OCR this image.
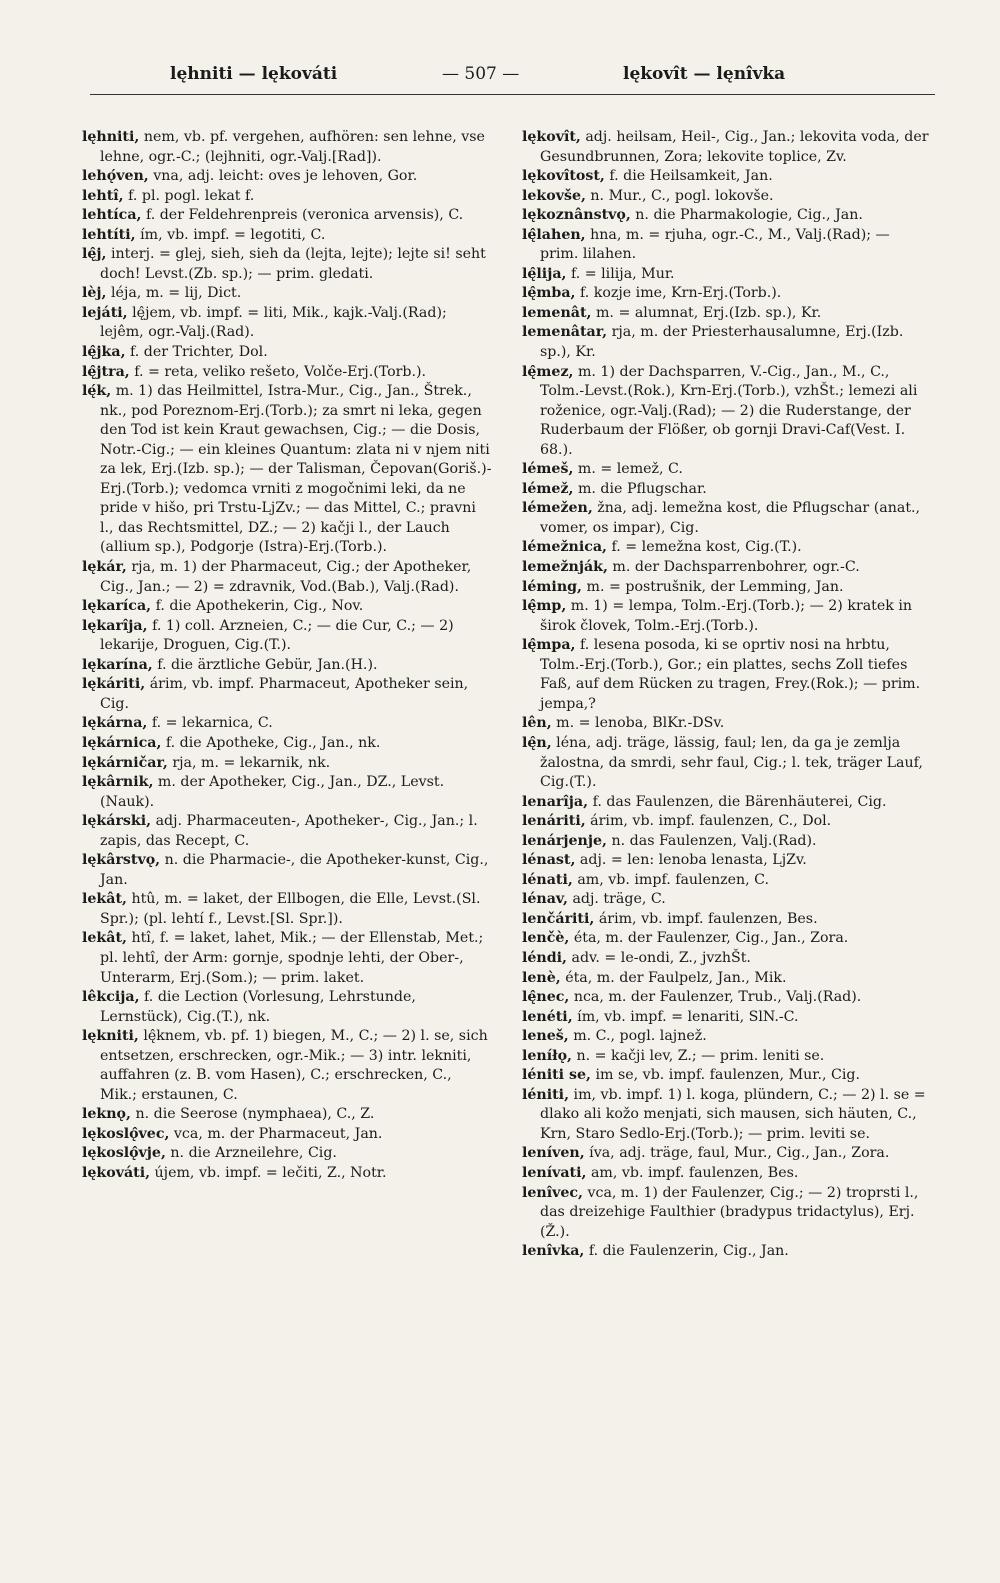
lęhniti — lękováti	— 507 —	lękovît — lęnîvka
lęhniti, nem, vb. pf. vergehen, aufhören: sen lehne, vse lehne, ogr.-C.; (lejhniti, ogr.-Valj.[Rad]).
lehǫ́ven, vna, adj. leicht: oves je lehoven, Gor.
lehtî, f. pl. pogl. lekat f.
lehtíca, f. der Feldehrenpreis (veronica arvensis), C.
lehtíti, ím, vb. impf. = legotiti, C.
lę̂j, interj. = glej, sieh, sieh da (lejta, lejte); lejte si! seht doch! Levst.(Zb. sp.); — prim. gledati.
lèj, léja, m. = lij, Dict.
lejáti, lę̂jem, vb. impf. = liti, Mik., kajk.-Valj.(Rad); lejêm, ogr.-Valj.(Rad).
lę̂jka, f. der Trichter, Dol.
lę̂jtra, f. = reta, veliko rešeto, Volče-Erj.(Torb.).
lę́k, m. 1) das Heilmittel, Istra-Mur., Cig., Jan., Štrek., nk., pod Poreznom-Erj.(Torb.); za smrt ni leka, gegen den Tod ist kein Kraut gewachsen, Cig.; — die Dosis, Notr.-Cig.; — ein kleines Quantum: zlata ni v njem niti za lek, Erj.(Izb. sp.); — der Talisman, Čepovan(Goriš.)-Erj.(Torb.); vedomca vrniti z mogočnimi leki, da ne pride v hišo, pri Trstu-LjZv.; — das Mittel, C.; pravni l., das Rechtsmittel, DZ.; — 2) kačji l., der Lauch (allium sp.), Podgorje (Istra)-Erj.(Torb.).
lękár, rja, m. 1) der Pharmaceut, Cig.; der Apotheker, Cig., Jan.; — 2) = zdravnik, Vod.(Bab.), Valj.(Rad).
lękaríca, f. die Apothekerin, Cig., Nov.
lękarîja, f. 1) coll. Arzneien, C.; — die Cur, C.; — 2) lekarije, Droguen, Cig.(T.).
lękarína, f. die ärztliche Gebür, Jan.(H.).
lękáriti, árim, vb. impf. Pharmaceut, Apotheker sein, Cig.
lękárna, f. = lekarnica, C.
lękárnica, f. die Apotheke, Cig., Jan., nk.
lękárničar, rja, m. = lekarnik, nk.
lękârnik, m. der Apotheker, Cig., Jan., DZ., Levst.(Nauk).
lękárski, adj. Pharmaceuten-, Apotheker-, Cig., Jan.; l. zapis, das Recept, C.
lękârstvǫ, n. die Pharmacie-, die Apotheker-kunst, Cig., Jan.
lekât, htû, m. = laket, der Ellbogen, die Elle, Levst.(Sl. Spr.); (pl. lehtí f., Levst.[Sl. Spr.]).
lekât, htî, f. = laket, lahet, Mik.; — der Ellenstab, Met.; pl. lehtî, der Arm: gornje, spodnje lehti, der Ober-, Unterarm, Erj.(Som.); — prim. laket.
lêkcija, f. die Lection (Vorlesung, Lehrstunde, Lernstück), Cig.(T.), nk.
lękniti, lę̂knem, vb. pf. 1) biegen, M., C.; — 2) l. se, sich entsetzen, erschrecken, ogr.-Mik.; — 3) intr. lekniti, auffahren (z. B. vom Hasen), C.; erschrecken, C., Mik.; erstaunen, C.
leknǫ, n. die Seerose (nymphaea), C., Z.
lękoslǫ̂vec, vca, m. der Pharmaceut, Jan.
lękoslǫ̂vje, n. die Arzneilehre, Cig.
lękováti, újem, vb. impf. = lečiti, Z., Notr.
lękovît, adj. heilsam, Heil-, Cig., Jan.; lekovita voda, der Gesundbrunnen, Zora; lekovite toplice, Zv.
lękovîtost, f. die Heilsamkeit, Jan.
lekovše, n. Mur., C., pogl. lokovše.
lękoznânstvǫ, n. die Pharmakologie, Cig., Jan.
lę̂lahen, hna, m. = rjuha, ogr.-C., M., Valj.(Rad); — prim. lilahen.
lę̂lija, f. = lilija, Mur.
lę̂mba, f. kozje ime, Krn-Erj.(Torb.).
lemenât, m. = alumnat, Erj.(Izb. sp.), Kr.
lemenâtar, rja, m. der Priesterhausalumne, Erj.(Izb. sp.), Kr.
lę̂mez, m. 1) der Dachsparren, V.-Cig., Jan., M., C., Tolm.-Levst.(Rok.), Krn-Erj.(Torb.), vzhŠt.; lemezi ali roženice, ogr.-Valj.(Rad); — 2) die Ruderstange, der Ruderbaum der Flößer, ob gornji Dravi-Caf(Vest. I. 68.).
lémeš, m. = lemež, C.
lémež, m. die Pflugschar.
lémežen, žna, adj. lemežna kost, die Pflugschar (anat., vomer, os impar), Cig.
lémežnica, f. = lemežna kost, Cig.(T.).
lemežnják, m. der Dachsparrenbohrer, ogr.-C.
léming, m. = postrušnik, der Lemming, Jan.
lę̂mp, m. 1) = lempa, Tolm.-Erj.(Torb.); — 2) kratek in širok človek, Tolm.-Erj.(Torb.).
lę̂mpa, f. lesena posoda, ki se oprtiv nosi na hrbtu, Tolm.-Erj.(Torb.), Gor.; ein plattes, sechs Zoll tiefes Faß, auf dem Rücken zu tragen, Frey.(Rok.); — prim. jempa,?
lên, m. = lenoba, BlKr.-DSv.
lę̂n, léna, adj. träge, lässig, faul; len, da ga je zemlja žalostna, da smrdi, sehr faul, Cig.; l. tek, träger Lauf, Cig.(T.).
lenarîja, f. das Faulenzen, die Bärenhäuterei, Cig.
lenáriti, árim, vb. impf. faulenzen, C., Dol.
lenárjenje, n. das Faulenzen, Valj.(Rad).
lénast, adj. = len: lenoba lenasta, LjZv.
lénati, am, vb. impf. faulenzen, C.
lénav, adj. träge, C.
lenčáriti, árim, vb. impf. faulenzen, Bes.
lenčè, éta, m. der Faulenzer, Cig., Jan., Zora.
léndi, adv. = le-ondi, Z., jvzhŠt.
lenè, éta, m. der Faulpelz, Jan., Mik.
lę̂nec, nca, m. der Faulenzer, Trub., Valj.(Rad).
lenéti, ím, vb. impf. = lenariti, SlN.-C.
leneš, m. C., pogl. lajnež.
leníłǫ, n. = kačji lev, Z.; — prim. leniti se.
léniti se, im se, vb. impf. faulenzen, Mur., Cig.
léniti, im, vb. impf. 1) l. koga, plündern, C.; — 2) l. se = dlako ali kožo menjati, sich mausen, sich häuten, C., Krn, Staro Sedlo-Erj.(Torb.); — prim. leviti se.
leníven, íva, adj. träge, faul, Mur., Cig., Jan., Zora.
lenívati, am, vb. impf. faulenzen, Bes.
lenîvec, vca, m. 1) der Faulenzer, Cig.; — 2) troprsti l., das dreizehige Faulthier (bradypus tridactylus), Erj.(Ž.).
lenîvka, f. die Faulenzerin, Cig., Jan.
